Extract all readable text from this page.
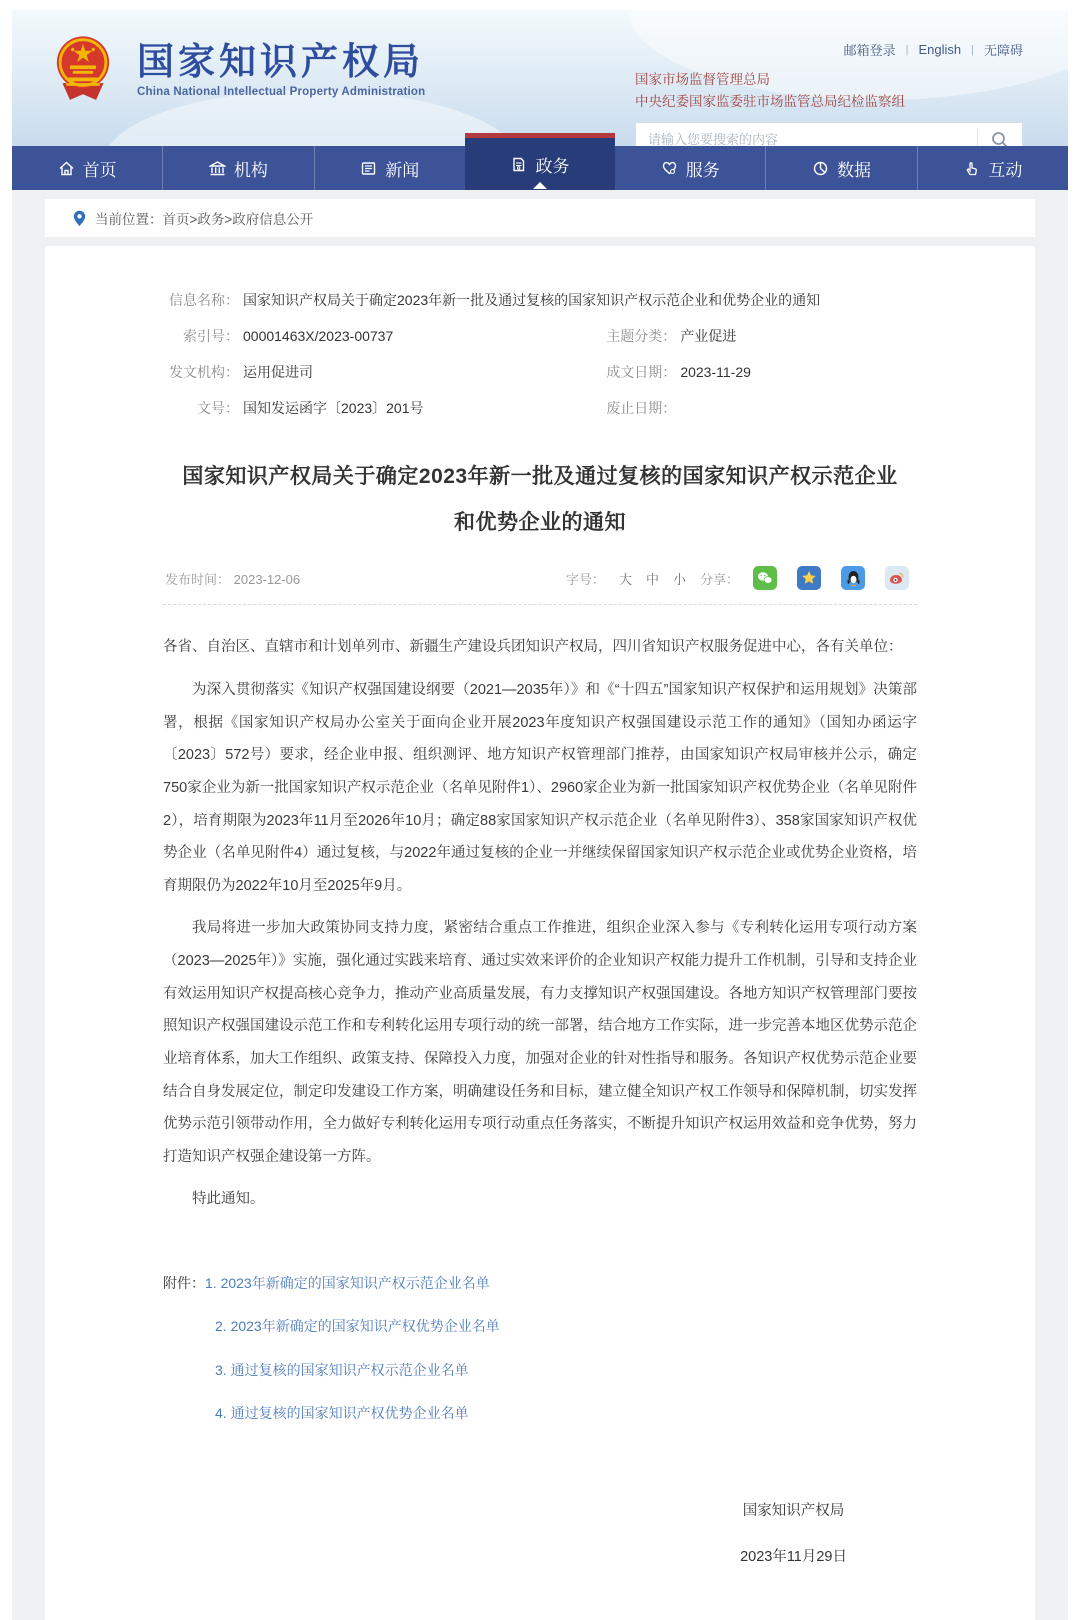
国家知识产权局
China National Intellectual Property Administration
邮箱登录 | English | 无障碍
国家市场监督管理总局
中央纪委国家监委驻市场监管总局纪检监察组
请输入您要搜索的内容
首页	机构	新闻	政务	服务	数据	互动
当前位置： 首页>政务>政府信息公开
信息名称： 国家知识产权局关于确定2023年新一批及通过复核的国家知识产权示范企业和优势企业的通知
索引号： 00001463X/2023-00737	主题分类： 产业促进
发文机构： 运用促进司	成文日期： 2023-11-29
文号： 国知发运函字〔2023〕201号	废止日期：
国家知识产权局关于确定2023年新一批及通过复核的国家知识产权示范企业和优势企业的通知
发布时间： 2023-12-06	字号： 大 中 小 分享：

各省、自治区、直辖市和计划单列市、新疆生产建设兵团知识产权局，四川省知识产权服务促进中心，各有关单位：

为深入贯彻落实《知识产权强国建设纲要（2021—2035年）》和《“十四五”国家知识产权保护和运用规划》决策部署，根据《国家知识产权局办公室关于面向企业开展2023年度知识产权强国建设示范工作的通知》（国知办函运字〔2023〕572号）要求，经企业申报、组织测评、地方知识产权管理部门推荐，由国家知识产权局审核并公示，确定750家企业为新一批国家知识产权示范企业（名单见附件1）、2960家企业为新一批国家知识产权优势企业（名单见附件2），培育期限为2023年11月至2026年10月；确定88家国家知识产权示范企业（名单见附件3）、358家国家知识产权优势企业（名单见附件4）通过复核，与2022年通过复核的企业一并继续保留国家知识产权示范企业或优势企业资格，培育期限仍为2022年10月至2025年9月。

我局将进一步加大政策协同支持力度，紧密结合重点工作推进，组织企业深入参与《专利转化运用专项行动方案（2023—2025年）》实施，强化通过实践来培育、通过实效来评价的企业知识产权能力提升工作机制，引导和支持企业有效运用知识产权提高核心竞争力，推动产业高质量发展，有力支撑知识产权强国建设。各地方知识产权管理部门要按照知识产权强国建设示范工作和专利转化运用专项行动的统一部署，结合地方工作实际，进一步完善本地区优势示范企业培育体系，加大工作组织、政策支持、保障投入力度，加强对企业的针对性指导和服务。各知识产权优势示范企业要结合自身发展定位，制定印发建设工作方案，明确建设任务和目标，建立健全知识产权工作领导和保障机制，切实发挥优势示范引领带动作用，全力做好专利转化运用专项行动重点任务落实，不断提升知识产权运用效益和竞争优势，努力打造知识产权强企建设第一方阵。

特此通知。

附件： 1. 2023年新确定的国家知识产权示范企业名单
2. 2023年新确定的国家知识产权优势企业名单
3. 通过复核的国家知识产权示范企业名单
4. 通过复核的国家知识产权优势企业名单
国家知识产权局
2023年11月29日
